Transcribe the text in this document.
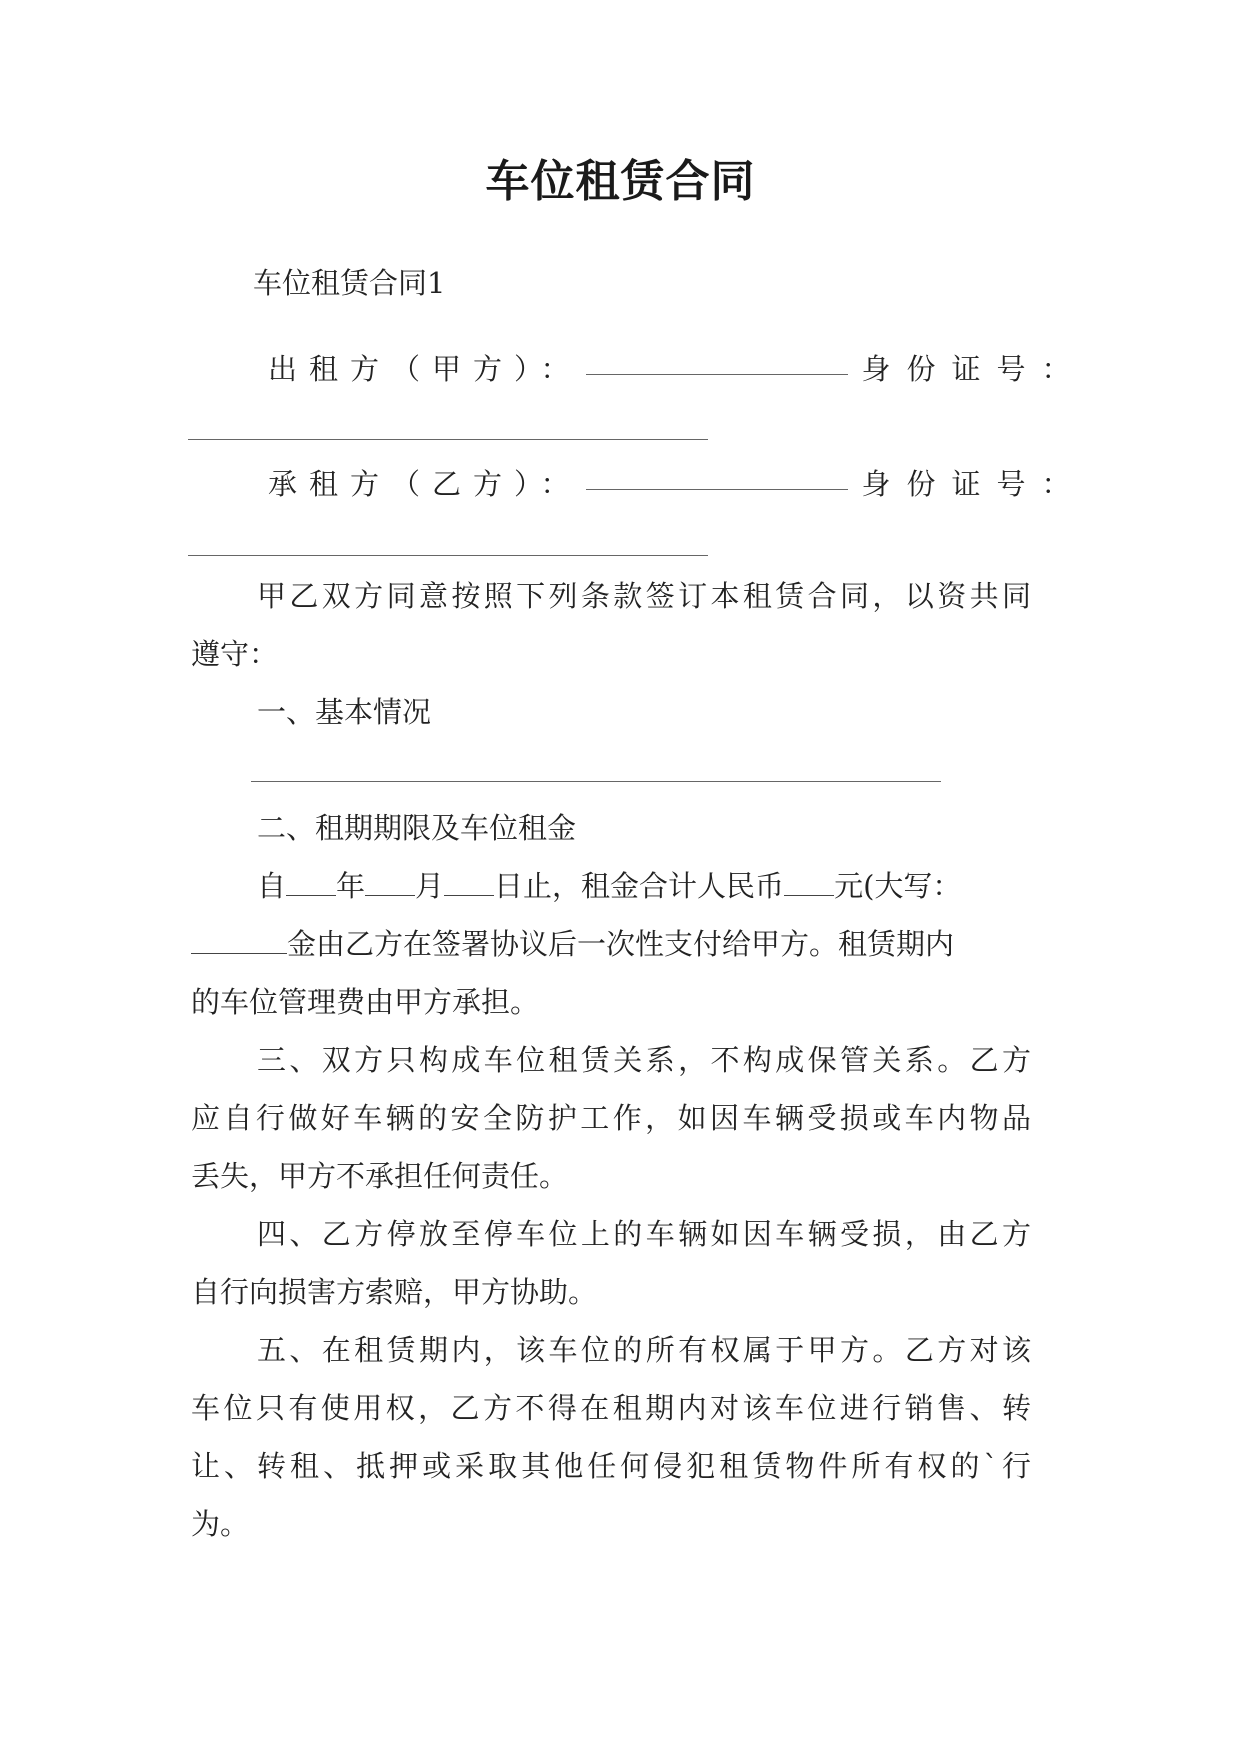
车位租赁合同
车位租赁合同1
出租方（甲方）：	身份证号：
承租方（乙方）：	身份证号：
甲乙双方同意按照下列条款签订本租赁合同，以资共同
遵守：
一、基本情况
二、租期期限及车位租金
自 年 月 日止，租金合计人民币 元(大写：
金由乙方在签署协议后一次性支付给甲方。租赁期内
的车位管理费由甲方承担。
三、双方只构成车位租赁关系，不构成保管关系。乙方
应自行做好车辆的安全防护工作，如因车辆受损或车内物品
丢失，甲方不承担任何责任。
四、乙方停放至停车位上的车辆如因车辆受损，由乙方
自行向损害方索赔，甲方协助。
五、在租赁期内，该车位的所有权属于甲方。乙方对该
车位只有使用权，乙方不得在租期内对该车位进行销售、转
让、转租、抵押或采取其他任何侵犯租赁物件所有权的`行
为。
